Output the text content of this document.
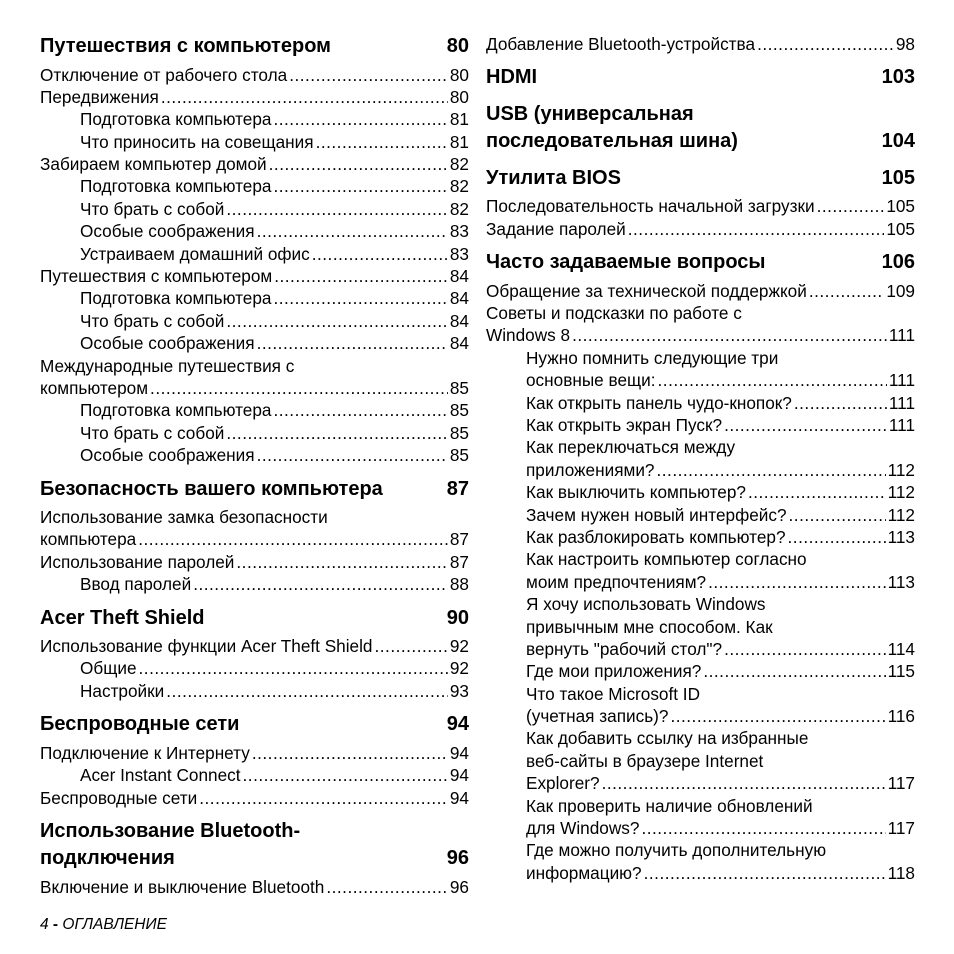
Путешествия с компьютером	80
Отключение от рабочего стола .....	80
Передвижения .....	80
Подготовка компьютера .....	81
Что приносить на совещания .....	81
Забираем компьютер домой .....	82
Подготовка компьютера .....	82
Что брать с собой .....	82
Особые соображения .....	83
Устраиваем домашний офис .....	83
Путешествия с компьютером .....	84
Подготовка компьютера .....	84
Что брать с собой .....	84
Особые соображения .....	84
Международные путешествия с
компьютером .....	85
Подготовка компьютера .....	85
Что брать с собой .....	85
Особые соображения .....	85
Безопасность вашего компьютера	87
Использование замка безопасности
компьютера .....	87
Использование паролей .....	87
Ввод паролей .....	88
Acer Theft Shield	90
Использование функции Acer Theft Shield .....	92
Общие .....	92
Настройки .....	93
Беспроводные сети	94
Подключение к Интернету .....	94
Acer Instant Connect .....	94
Беспроводные сети .....	94
Использование Bluetooth-
подключения	96
Включение и выключение Bluetooth .....	96
Добавление Bluetooth-устройства .....	98
HDMI	103
USB (универсальная
последовательная шина)	104
Утилита BIOS	105
Последовательность начальной загрузки .....	105
Задание паролей .....	105
Часто задаваемые вопросы	106
Обращение за технической поддержкой .....	109
Советы и подсказки по работе с
Windows 8 .....	111
Нужно помнить следующие три
основные вещи: .....	111
Как открыть панель чудо-кнопок? .....	111
Как открыть экран Пуск? .....	111
Как переключаться между
приложениями? .....	112
Как выключить компьютер? .....	112
Зачем нужен новый интерфейс? .....	112
Как разблокировать компьютер? .....	113
Как настроить компьютер согласно
моим предпочтениям? .....	113
Я хочу использовать Windows
привычным мне способом. Как
вернуть "рабочий стол"? .....	114
Где мои приложения? .....	115
Что такое Microsoft ID
(учетная запись)? .....	116
Как добавить ссылку на избранные
веб-сайты в браузере Internet
Explorer? .....	117
Как проверить наличие обновлений
для Windows? .....	117
Где можно получить дополнительную
информацию? .....	118
4 - ОГЛАВЛЕНИЕ
